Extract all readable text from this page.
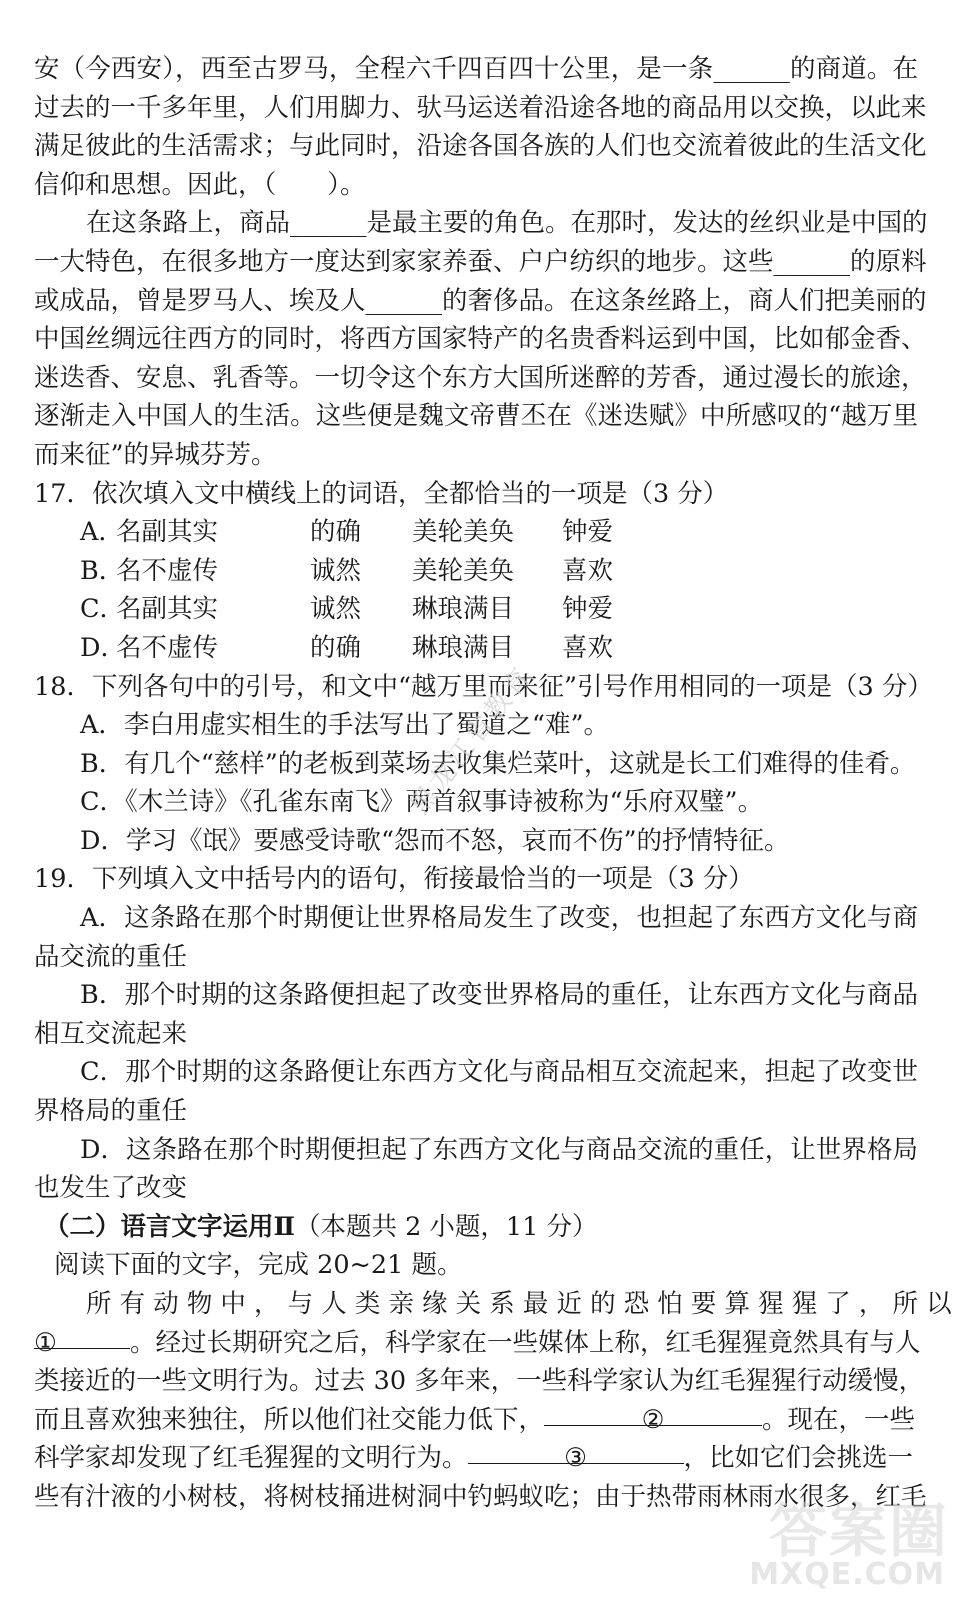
安（今西安），西至古罗马，全程六千四百四十公里，是一条______的商道。在
过去的一千多年里，人们用脚力、驮马运送着沿途各地的商品用以交换，以此来
满足彼此的生活需求；与此同时，沿途各国各族的人们也交流着彼此的生活文化
信仰和思想。因此，（　　）。
在这条路上，商品______是最主要的角色。在那时，发达的丝织业是中国的
一大特色，在很多地方一度达到家家养蚕、户户纺织的地步。这些______的原料
或成品，曾是罗马人、埃及人______的奢侈品。在这条丝路上，商人们把美丽的
中国丝绸远往西方的同时，将西方国家特产的名贵香料运到中国，比如郁金香、
迷迭香、安息、乳香等。一切令这个东方大国所迷醉的芳香，通过漫长的旅途，
逐渐走入中国人的生活。这些便是魏文帝曹丕在《迷迭赋》中所感叹的“越万里
而来征”的异城芬芳。
17．依次填入文中横线上的词语，全都恰当的一项是（3 分）
A．
名副其实	的确	美轮美奂	钟爱
B．
名不虚传	诚然	美轮美奂	喜欢
C．
名副其实	诚然	琳琅满目	钟爱
D．
名不虚传	的确	琳琅满目	喜欢
18．下列各句中的引号，和文中“越万里而来征”引号作用相同的一项是（3 分）
A．李白用虚实相生的手法写出了蜀道之“难”。
B．有几个“慈样”的老板到菜场去收集烂菜叶，这就是长工们难得的佳肴。
C．《木兰诗》《孔雀东南飞》两首叙事诗被称为“乐府双璧”。
D．学习《氓》要感受诗歌“怨而不怒，哀而不伤”的抒情特征。
19．下列填入文中括号内的语句，衔接最恰当的一项是（3 分）
A．这条路在那个时期便让世界格局发生了改变，也担起了东西方文化与商
品交流的重任
B．那个时期的这条路便担起了改变世界格局的重任，让东西方文化与商品
相互交流起来
C．那个时期的这条路便让东西方文化与商品相互交流起来，担起了改变世
界格局的重任
D．这条路在那个时期便担起了东西方文化与商品交流的重任，让世界格局
也发生了改变
（二）语言文字运用Ⅱ（本题共 2 小题，11 分）
阅读下面的文字，完成 20~21 题。
所 有 动 物 中 ， 与 人 类 亲 缘 关 系 最 近 的 恐 怕 要 算 猩 猩 了 ， 所 以
①	。经过长期研究之后，科学家在一些媒体上称，红毛猩猩竟然具有与人
类接近的一些文明行为。过去 30 多年来，一些科学家认为红毛猩猩行动缓慢，
而且喜欢独来独往，所以他们社交能力低下，	②	。现在，一些
科学家却发现了红毛猩猩的文明行为。	③	，比如它们会挑选一
些有汁液的小树枝，将树枝捅进树洞中钓蚂蚁吃；由于热带雨林雨水很多，红毛
黑龙江省教育
答案圈
MXQE.COM
